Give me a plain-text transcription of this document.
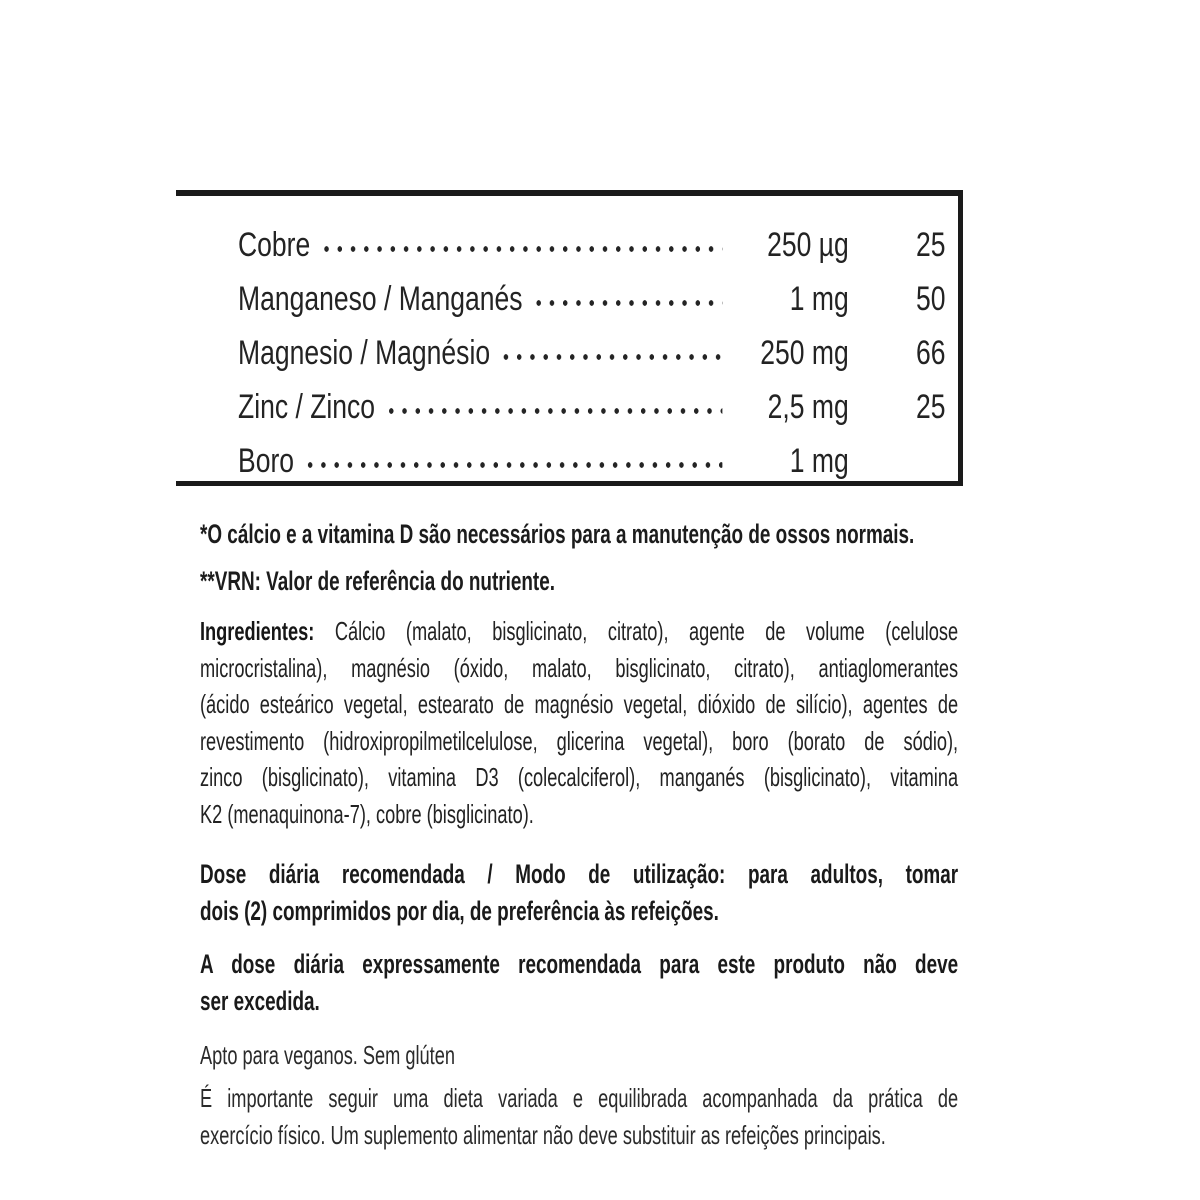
Cobre	250 µg	25
Manganeso / Manganés	1 mg	50
Magnesio / Magnésio	250 mg	66
Zinc / Zinco	2,5 mg	25
Boro	1 mg
*O cálcio e a vitamina D são necessários para a manutenção de ossos normais.
**VRN: Valor de referência do nutriente.
Ingredientes: Cálcio (malato, bisglicinato, citrato), agente de volume (celulose
microcristalina), magnésio (óxido, malato, bisglicinato, citrato), antiaglomerantes
(ácido esteárico vegetal, estearato de magnésio vegetal, dióxido de silício), agentes de
revestimento (hidroxipropilmetilcelulose, glicerina vegetal), boro (borato de sódio),
zinco (bisglicinato), vitamina D3 (colecalciferol), manganés (bisglicinato), vitamina
K2 (menaquinona-7), cobre (bisglicinato).
Dose diária recomendada / Modo de utilização: para adultos, tomar
dois (2) comprimidos por dia, de preferência às refeições.
A dose diária expressamente recomendada para este produto não deve
ser excedida.
Apto para veganos. Sem glúten
É importante seguir uma dieta variada e equilibrada acompanhada da prática de
exercício físico. Um suplemento alimentar não deve substituir as refeições principais.
